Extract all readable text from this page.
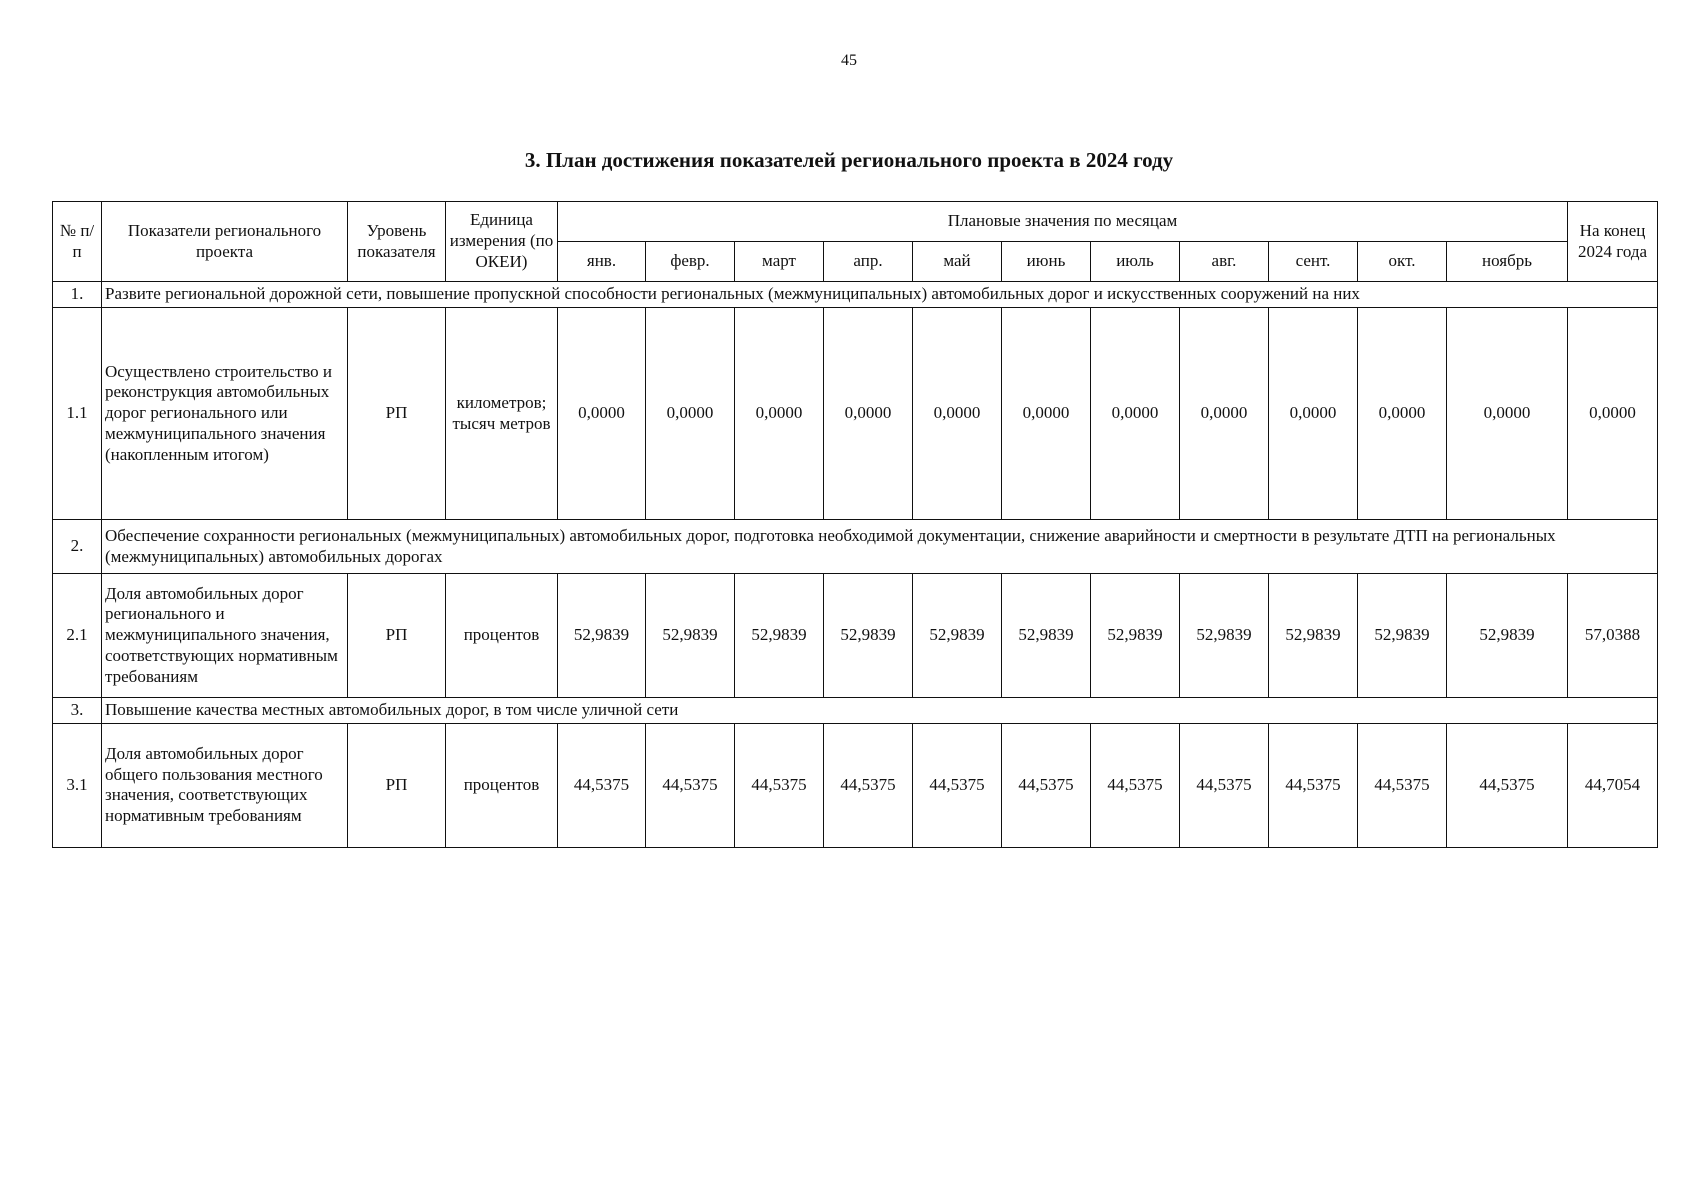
45
3. План достижения показателей регионального проекта в 2024 году
№ п/п	Показатели регионального проекта	Уровень показателя	Единица измерения (по ОКЕИ)	Плановые значения по месяцам											На конец 2024 года
				янв.	февр.	март	апр.	май	июнь	июль	авг.	сент.	окт.	ноябрь	
1.	Развите региональной дорожной сети, повышение пропускной способности региональных (межмуниципальных) автомобильных дорог и искусственных сооружений на них														
1.1	Осуществлено строительство и реконструкция автомобильных дорог регионального или межмуниципального значения (накопленным итогом)	РП	километров; тысяч метров	0,0000	0,0000	0,0000	0,0000	0,0000	0,0000	0,0000	0,0000	0,0000	0,0000	0,0000	0,0000
2.	Обеспечение сохранности региональных (межмуниципальных) автомобильных дорог, подготовка необходимой документации, снижение аварийности и смертности в результате ДТП на региональных (межмуниципальных) автомобильных дорогах														
2.1	Доля автомобильных дорог регионального и межмуниципального значения, соответствующих нормативным требованиям	РП	процентов	52,9839	52,9839	52,9839	52,9839	52,9839	52,9839	52,9839	52,9839	52,9839	52,9839	52,9839	57,0388
3.	Повышение качества местных автомобильных дорог, в том числе уличной сети														
3.1	Доля автомобильных дорог общего пользования местного значения, соответствующих нормативным требованиям	РП	процентов	44,5375	44,5375	44,5375	44,5375	44,5375	44,5375	44,5375	44,5375	44,5375	44,5375	44,5375	44,7054
